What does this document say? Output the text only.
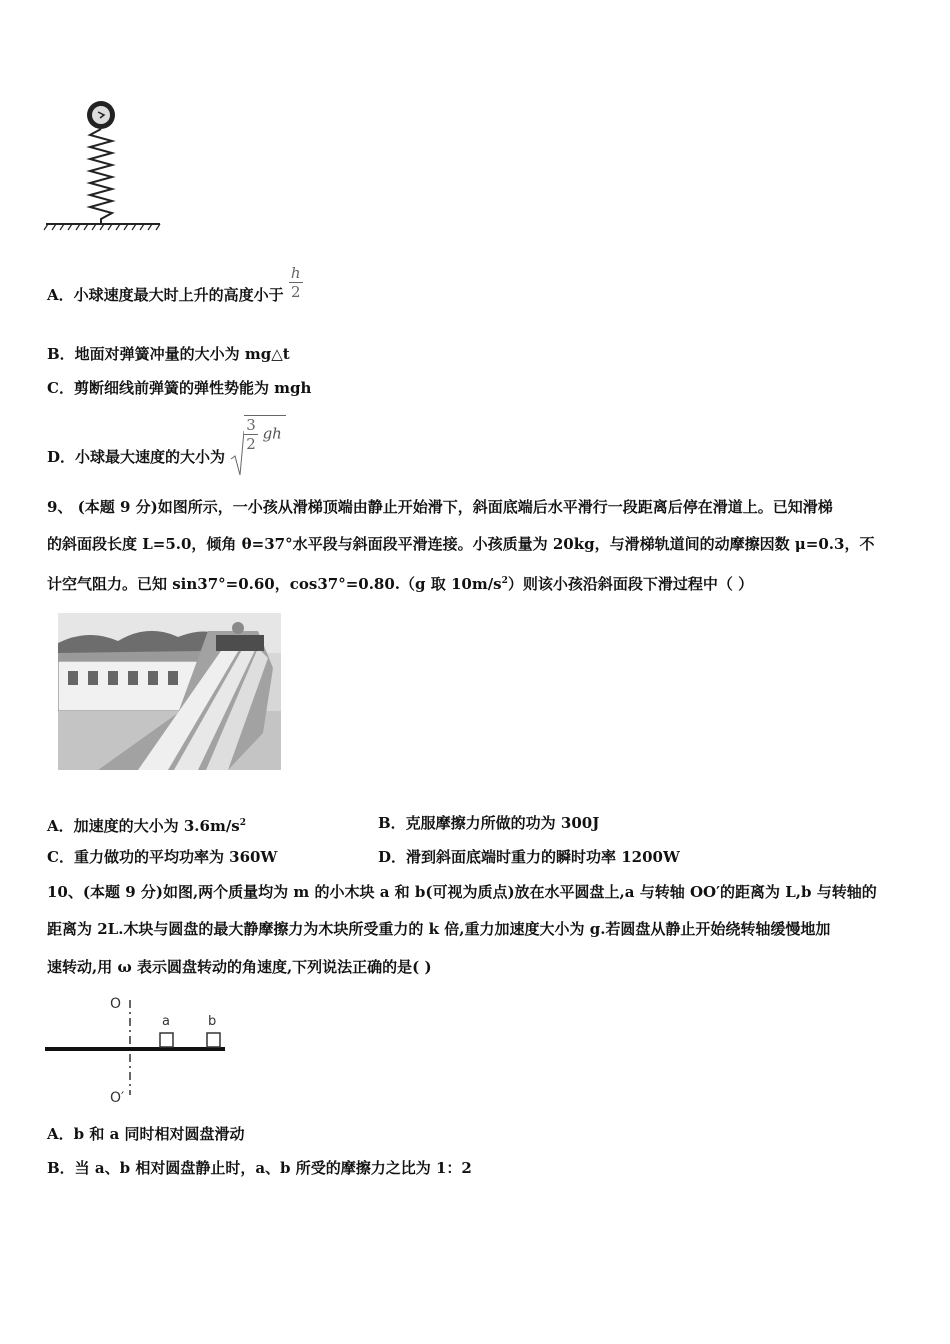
A．小球速度最大时上升的高度小于 $\frac{h}{2}$
B．地面对弹簧冲量的大小为 mg△t
C．剪断细线前弹簧的弹性势能为 mgh
D．小球最大速度的大小为
$\frac{3}{2}$ gh
9、 (本题 9 分)如图所示，一小孩从滑梯顶端由静止开始滑下，斜面底端后水平滑行一段距离后停在滑道上。已知滑梯
的斜面段长度 L=5.0，倾角 θ=37°水平段与斜面段平滑连接。小孩质量为 20kg，与滑梯轨道间的动摩擦因数 μ=0.3，不
计空气阻力。已知 sin37°=0.60，cos37°=0.80.（g 取 $10m/s^2$）则该小孩沿斜面段下滑过程中（ ）
A．加速度的大小为 $3.6m/s^2$	B．克服摩擦力所做的功为 300J
C．重力做功的平均功率为 360W	D．滑到斜面底端时重力的瞬时功率 1200W
10、(本题 9 分)如图,两个质量均为 m 的小木块 a 和 b(可视为质点)放在水平圆盘上,a 与转轴 OO′的距离为 L,b 与转轴的
距离为 2L.木块与圆盘的最大静摩擦力为木块所受重力的 k 倍,重力加速度大小为 g.若圆盘从静止开始绕转轴缓慢地加
速转动,用 ω 表示圆盘转动的角速度,下列说法正确的是( )
O
O′
a	b
A．b 和 a 同时相对圆盘滑动
B．当 a、b 相对圆盘静止时，a、b 所受的摩擦力之比为 1：2
